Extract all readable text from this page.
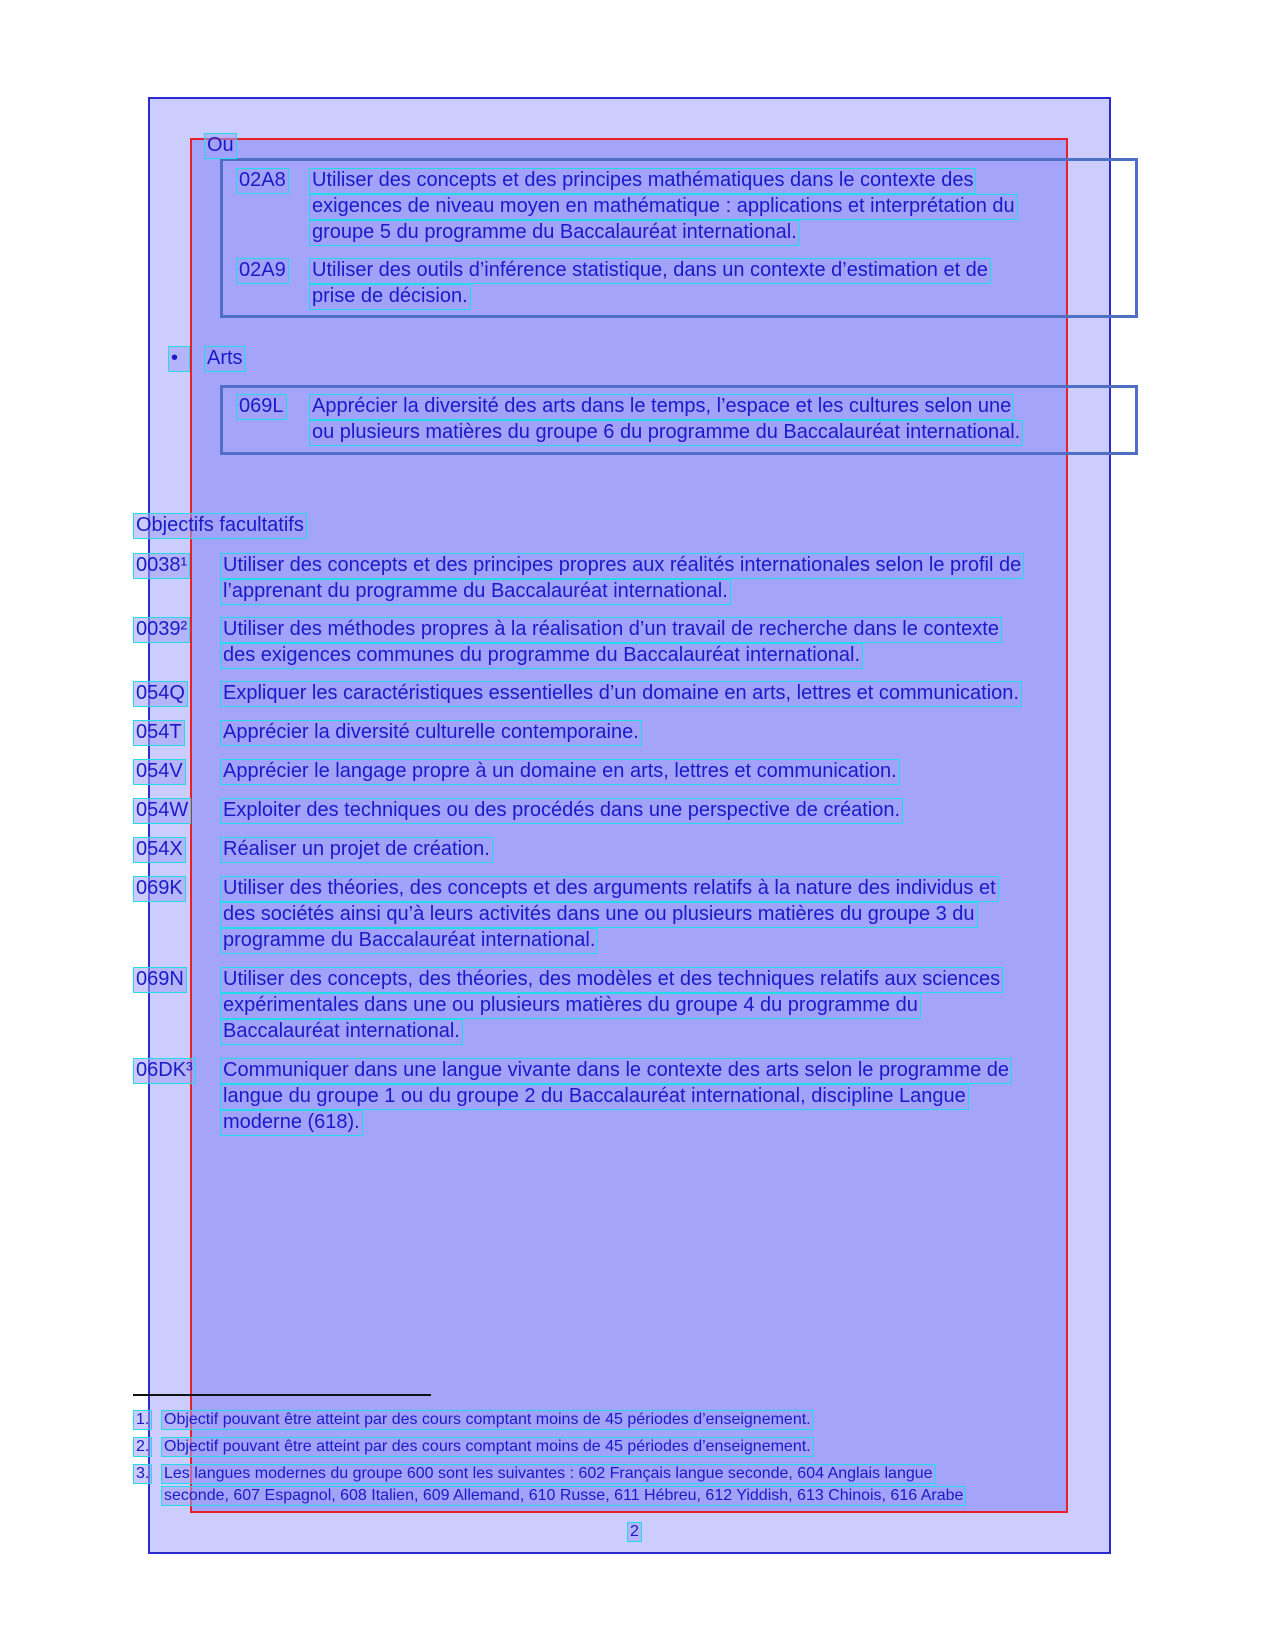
Ou
02A8 Utiliser des concepts et des principes mathématiques dans le contexte des
exigences de niveau moyen en mathématique : applications et interprétation du
groupe 5 du programme du Baccalauréat international.
02A9 Utiliser des outils d’inférence statistique, dans un contexte d’estimation et de
prise de décision.
•	Arts
069L Apprécier la diversité des arts dans le temps, l’espace et les cultures selon une
ou plusieurs matières du groupe 6 du programme du Baccalauréat international.
Objectifs facultatifs
0038¹ Utiliser des concepts et des principes propres aux réalités internationales selon le profil de
l’apprenant du programme du Baccalauréat international.
0039² Utiliser des méthodes propres à la réalisation d’un travail de recherche dans le contexte
des exigences communes du programme du Baccalauréat international.
054Q Expliquer les caractéristiques essentielles d’un domaine en arts, lettres et communication.
054T Apprécier la diversité culturelle contemporaine.
054V Apprécier le langage propre à un domaine en arts, lettres et communication.
054W Exploiter des techniques ou des procédés dans une perspective de création.
054X Réaliser un projet de création.
069K Utiliser des théories, des concepts et des arguments relatifs à la nature des individus et
des sociétés ainsi qu’à leurs activités dans une ou plusieurs matières du groupe 3 du
programme du Baccalauréat international.
069N Utiliser des concepts, des théories, des modèles et des techniques relatifs aux sciences
expérimentales dans une ou plusieurs matières du groupe 4 du programme du
Baccalauréat international.
06DK³ Communiquer dans une langue vivante dans le contexte des arts selon le programme de
langue du groupe 1 ou du groupe 2 du Baccalauréat international, discipline Langue
moderne (618).
1. Objectif pouvant être atteint par des cours comptant moins de 45 périodes d’enseignement.
2. Objectif pouvant être atteint par des cours comptant moins de 45 périodes d’enseignement.
3. Les langues modernes du groupe 600 sont les suivantes : 602 Français langue seconde, 604 Anglais langue
seconde, 607 Espagnol, 608 Italien, 609 Allemand, 610 Russe, 611 Hébreu, 612 Yiddish, 613 Chinois, 616 Arabe
2
